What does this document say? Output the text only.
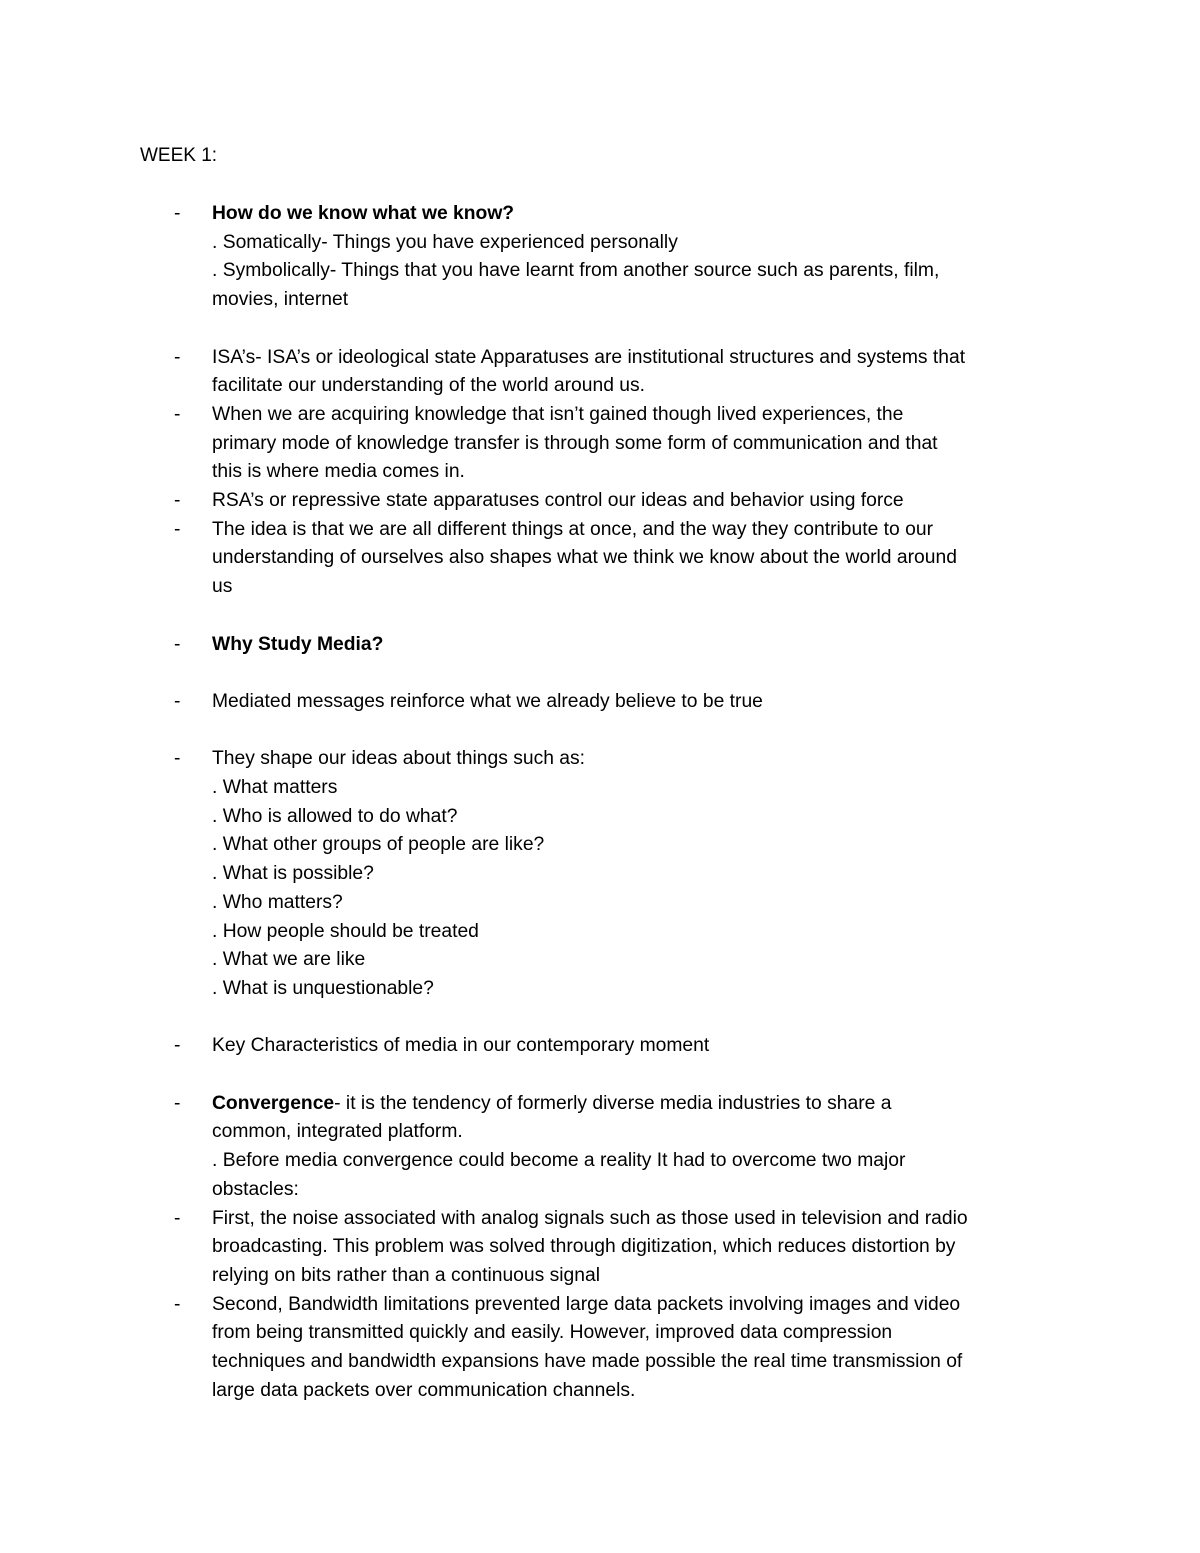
WEEK 1:

- How do we know what we know?
. Somatically- Things you have experienced personally
. Symbolically- Things that you have learnt from another source such as parents, film,
movies, internet
- ISA’s- ISA’s or ideological state Apparatuses are institutional structures and systems that
facilitate our understanding of the world around us.
- When we are acquiring knowledge that isn’t gained though lived experiences, the
primary mode of knowledge transfer is through some form of communication and that
this is where media comes in.
- RSA’s or repressive state apparatuses control our ideas and behavior using force
- The idea is that we are all different things at once, and the way they contribute to our
understanding of ourselves also shapes what we think we know about the world around
us
- Why Study Media?
- Mediated messages reinforce what we already believe to be true
- They shape our ideas about things such as:
. What matters
. Who is allowed to do what?
. What other groups of people are like?
. What is possible?
. Who matters?
. How people should be treated
. What we are like
. What is unquestionable?
- Key Characteristics of media in our contemporary moment
- Convergence- it is the tendency of formerly diverse media industries to share a
common, integrated platform.
. Before media convergence could become a reality It had to overcome two major
obstacles:
- First, the noise associated with analog signals such as those used in television and radio
broadcasting. This problem was solved through digitization, which reduces distortion by
relying on bits rather than a continuous signal
- Second, Bandwidth limitations prevented large data packets involving images and video
from being transmitted quickly and easily. However, improved data compression
techniques and bandwidth expansions have made possible the real time transmission of
large data packets over communication channels.
